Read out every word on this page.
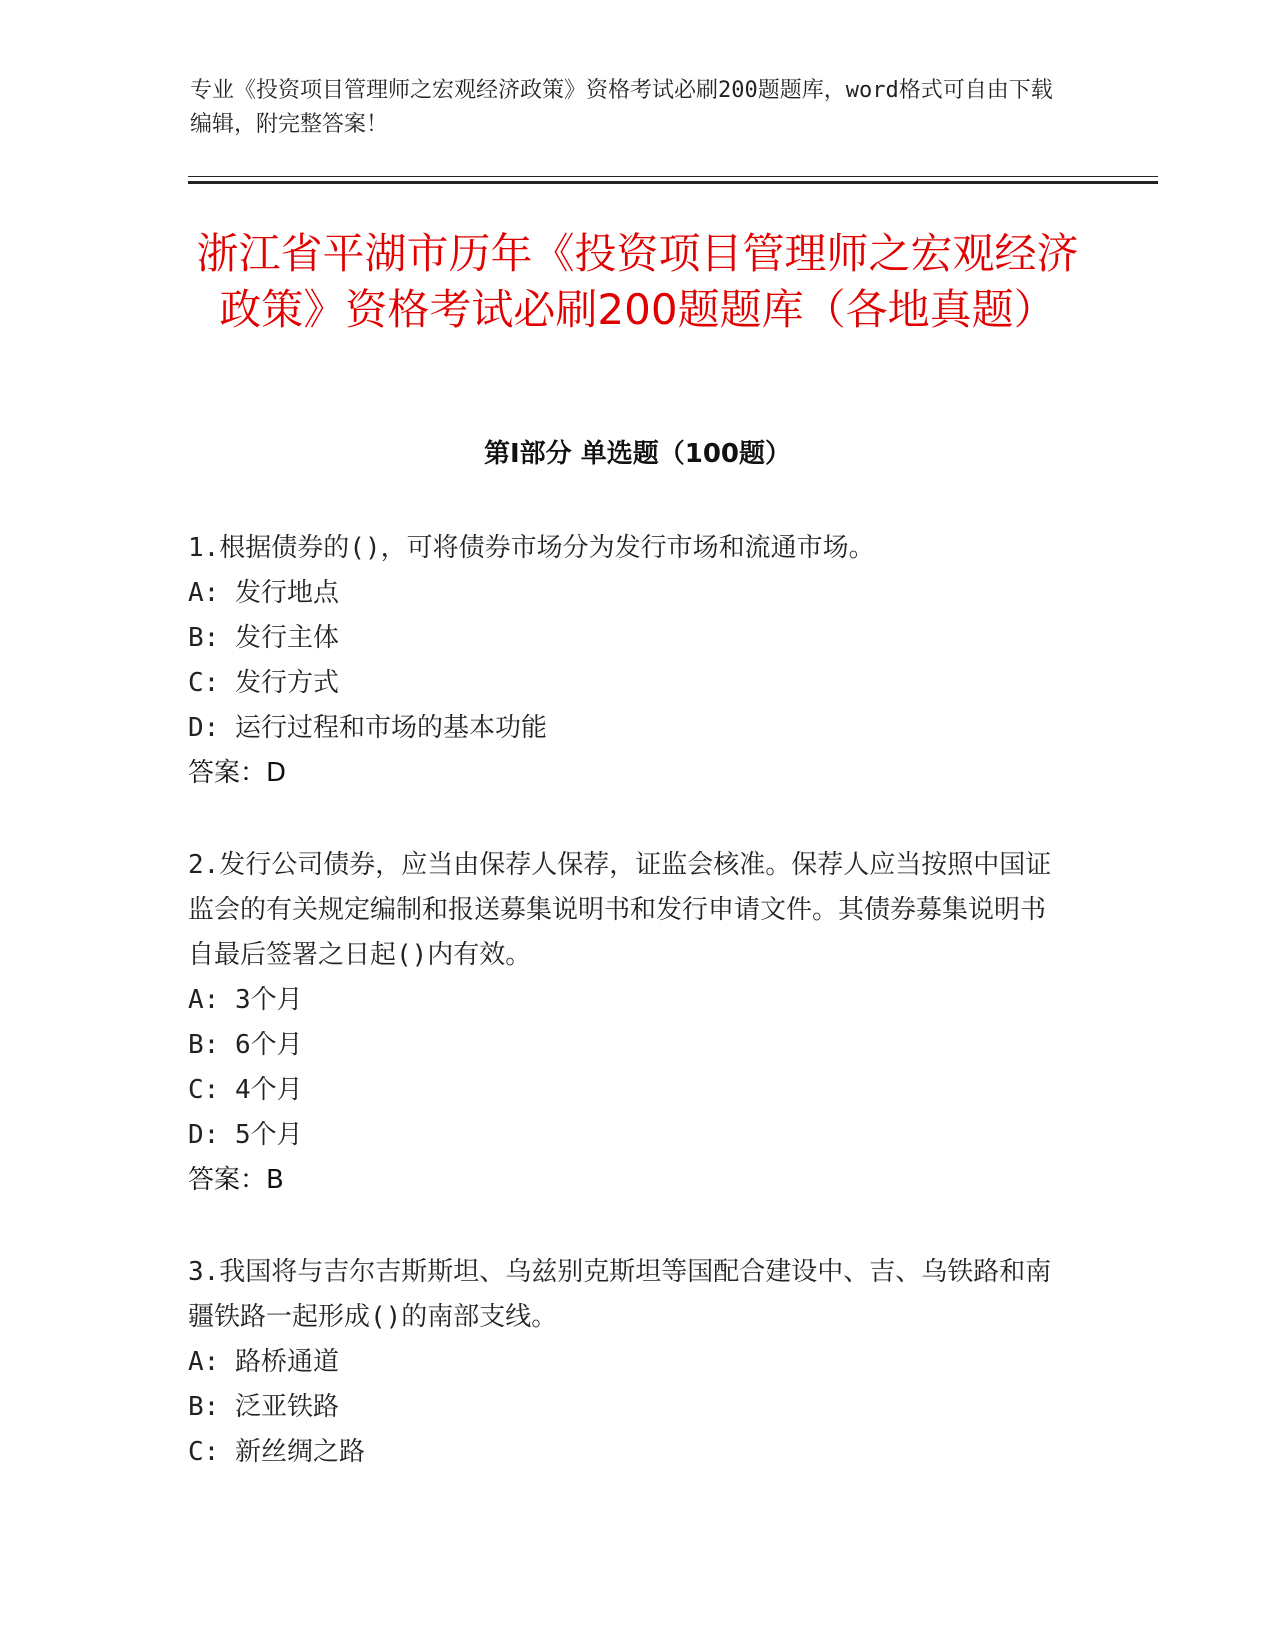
专业《投资项目管理师之宏观经济政策》资格考试必刷200题题库，word格式可自由下载编辑，附完整答案！
浙江省平湖市历年《投资项目管理师之宏观经济政策》资格考试必刷200题题库（各地真题）
第I部分 单选题（100题）

1.根据债券的()，可将债券市场分为发行市场和流通市场。

A: 发行地点

B: 发行主体

C: 发行方式

D: 运行过程和市场的基本功能

答案：D

2.发行公司债券，应当由保荐人保荐，证监会核准。保荐人应当按照中国证监会的有关规定编制和报送募集说明书和发行申请文件。其债券募集说明书自最后签署之日起()内有效。

A: 3个月

B: 6个月

C: 4个月

D: 5个月

答案：B

3.我国将与吉尔吉斯斯坦、乌兹别克斯坦等国配合建设中、吉、乌铁路和南疆铁路一起形成()的南部支线。

A: 路桥通道

B: 泛亚铁路

C: 新丝绸之路
